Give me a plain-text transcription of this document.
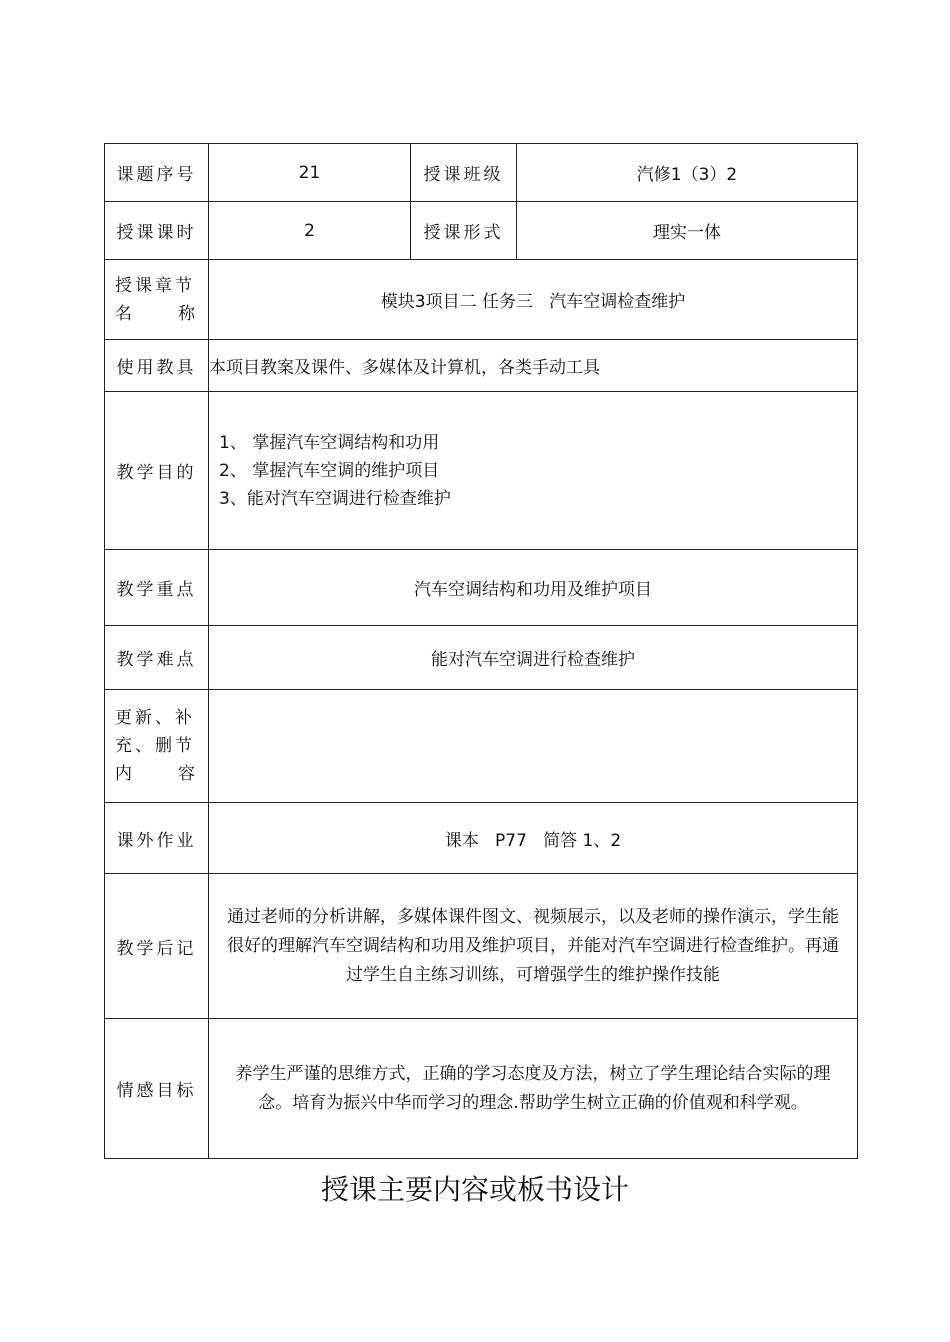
课题序号	21	授课班级	汽修1（3）2
授课课时	2	授课形式	理实一体

授课章节
名 称	模块3项目二 任务三   汽车空调检查维护		
使用教具	本项目教案及课件、多媒体及计算机，各类手动工具		
教学目的	1、 掌握汽车空调结构和功用
2、 掌握汽车空调的维护项目
3、能对汽车空调进行检查维护		

教学重点	汽车空调结构和功用及维护项目		
教学难点	能对汽车空调进行检查维护		

更新、补
充、删节
内 容			

课外作业	课本   P77   简答 1、2		
教学后记	通过老师的分析讲解，多媒体课件图文、视频展示，以及老师的操作演示，学生能很好的理解汽车空调结构和功用及维护项目，并能对汽车空调进行检查维护。再通过学生自主练习训练，可增强学生的维护操作技能		

情感目标	养学生严谨的思维方式，正确的学习态度及方法，树立了学生理论结合实际的理念。培育为振兴中华而学习的理念.帮助学生树立正确的价值观和科学观。		
授课主要内容或板书设计
